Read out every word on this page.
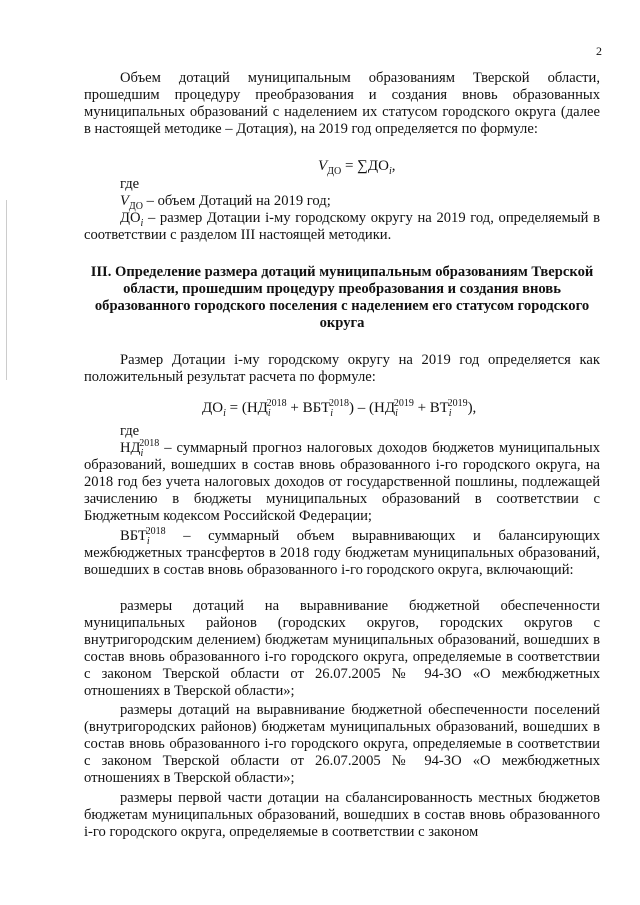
2

Объем дотаций муниципальным образованиям Тверской области, прошедшим процедуру преобразования и создания вновь образованных муниципальных образований с наделением их статусом городского округа (далее в настоящей методике – Дотация), на 2019 год определяется по формуле:

$V_{ДО} = \sum ДО_i$,

где

$V_{ДО}$ – объем Дотаций на 2019 год;

$ДО_i$ – размер Дотации i-му городскому округу на 2019 год, определяемый в соответствии с разделом III настоящей методики.

III. Определение размера дотаций муниципальным образованиям Тверской области, прошедшим процедуру преобразования и создания вновь образованного городского поселения с наделением его статусом городского округа

Размер Дотации i-му городскому округу на 2019 год определяется как положительный результат расчета по формуле:

$ДО_i = (НД_i^{2018} + ВБТ_i^{2018}) - (НД_i^{2019} + ВТ_i^{2019})$,

где

$НД_i^{2018}$ – суммарный прогноз налоговых доходов бюджетов муниципальных образований, вошедших в состав вновь образованного i-го городского округа, на 2018 год без учета налоговых доходов от государственной пошлины, подлежащей зачислению в бюджеты муниципальных образований в соответствии с Бюджетным кодексом Российской Федерации;

$ВБТ_i^{2018}$ – суммарный объем выравнивающих и балансирующих межбюджетных трансфертов в 2018 году бюджетам муниципальных образований, вошедших в состав вновь образованного i-го городского округа, включающий:

размеры дотаций на выравнивание бюджетной обеспеченности муниципальных районов (городских округов, городских округов с внутригородским делением) бюджетам муниципальных образований, вошедших в состав вновь образованного i-го городского округа, определяемые в соответствии с законом Тверской области от 26.07.2005 № 94-ЗО «О межбюджетных отношениях в Тверской области»;

размеры дотаций на выравнивание бюджетной обеспеченности поселений (внутригородских районов) бюджетам муниципальных образований, вошедших в состав вновь образованного i-го городского округа, определяемые в соответствии с законом Тверской области от 26.07.2005 № 94-ЗО «О межбюджетных отношениях в Тверской области»;

размеры первой части дотации на сбалансированность местных бюджетов бюджетам муниципальных образований, вошедших в состав вновь образованного i-го городского округа, определяемые в соответствии с законом
